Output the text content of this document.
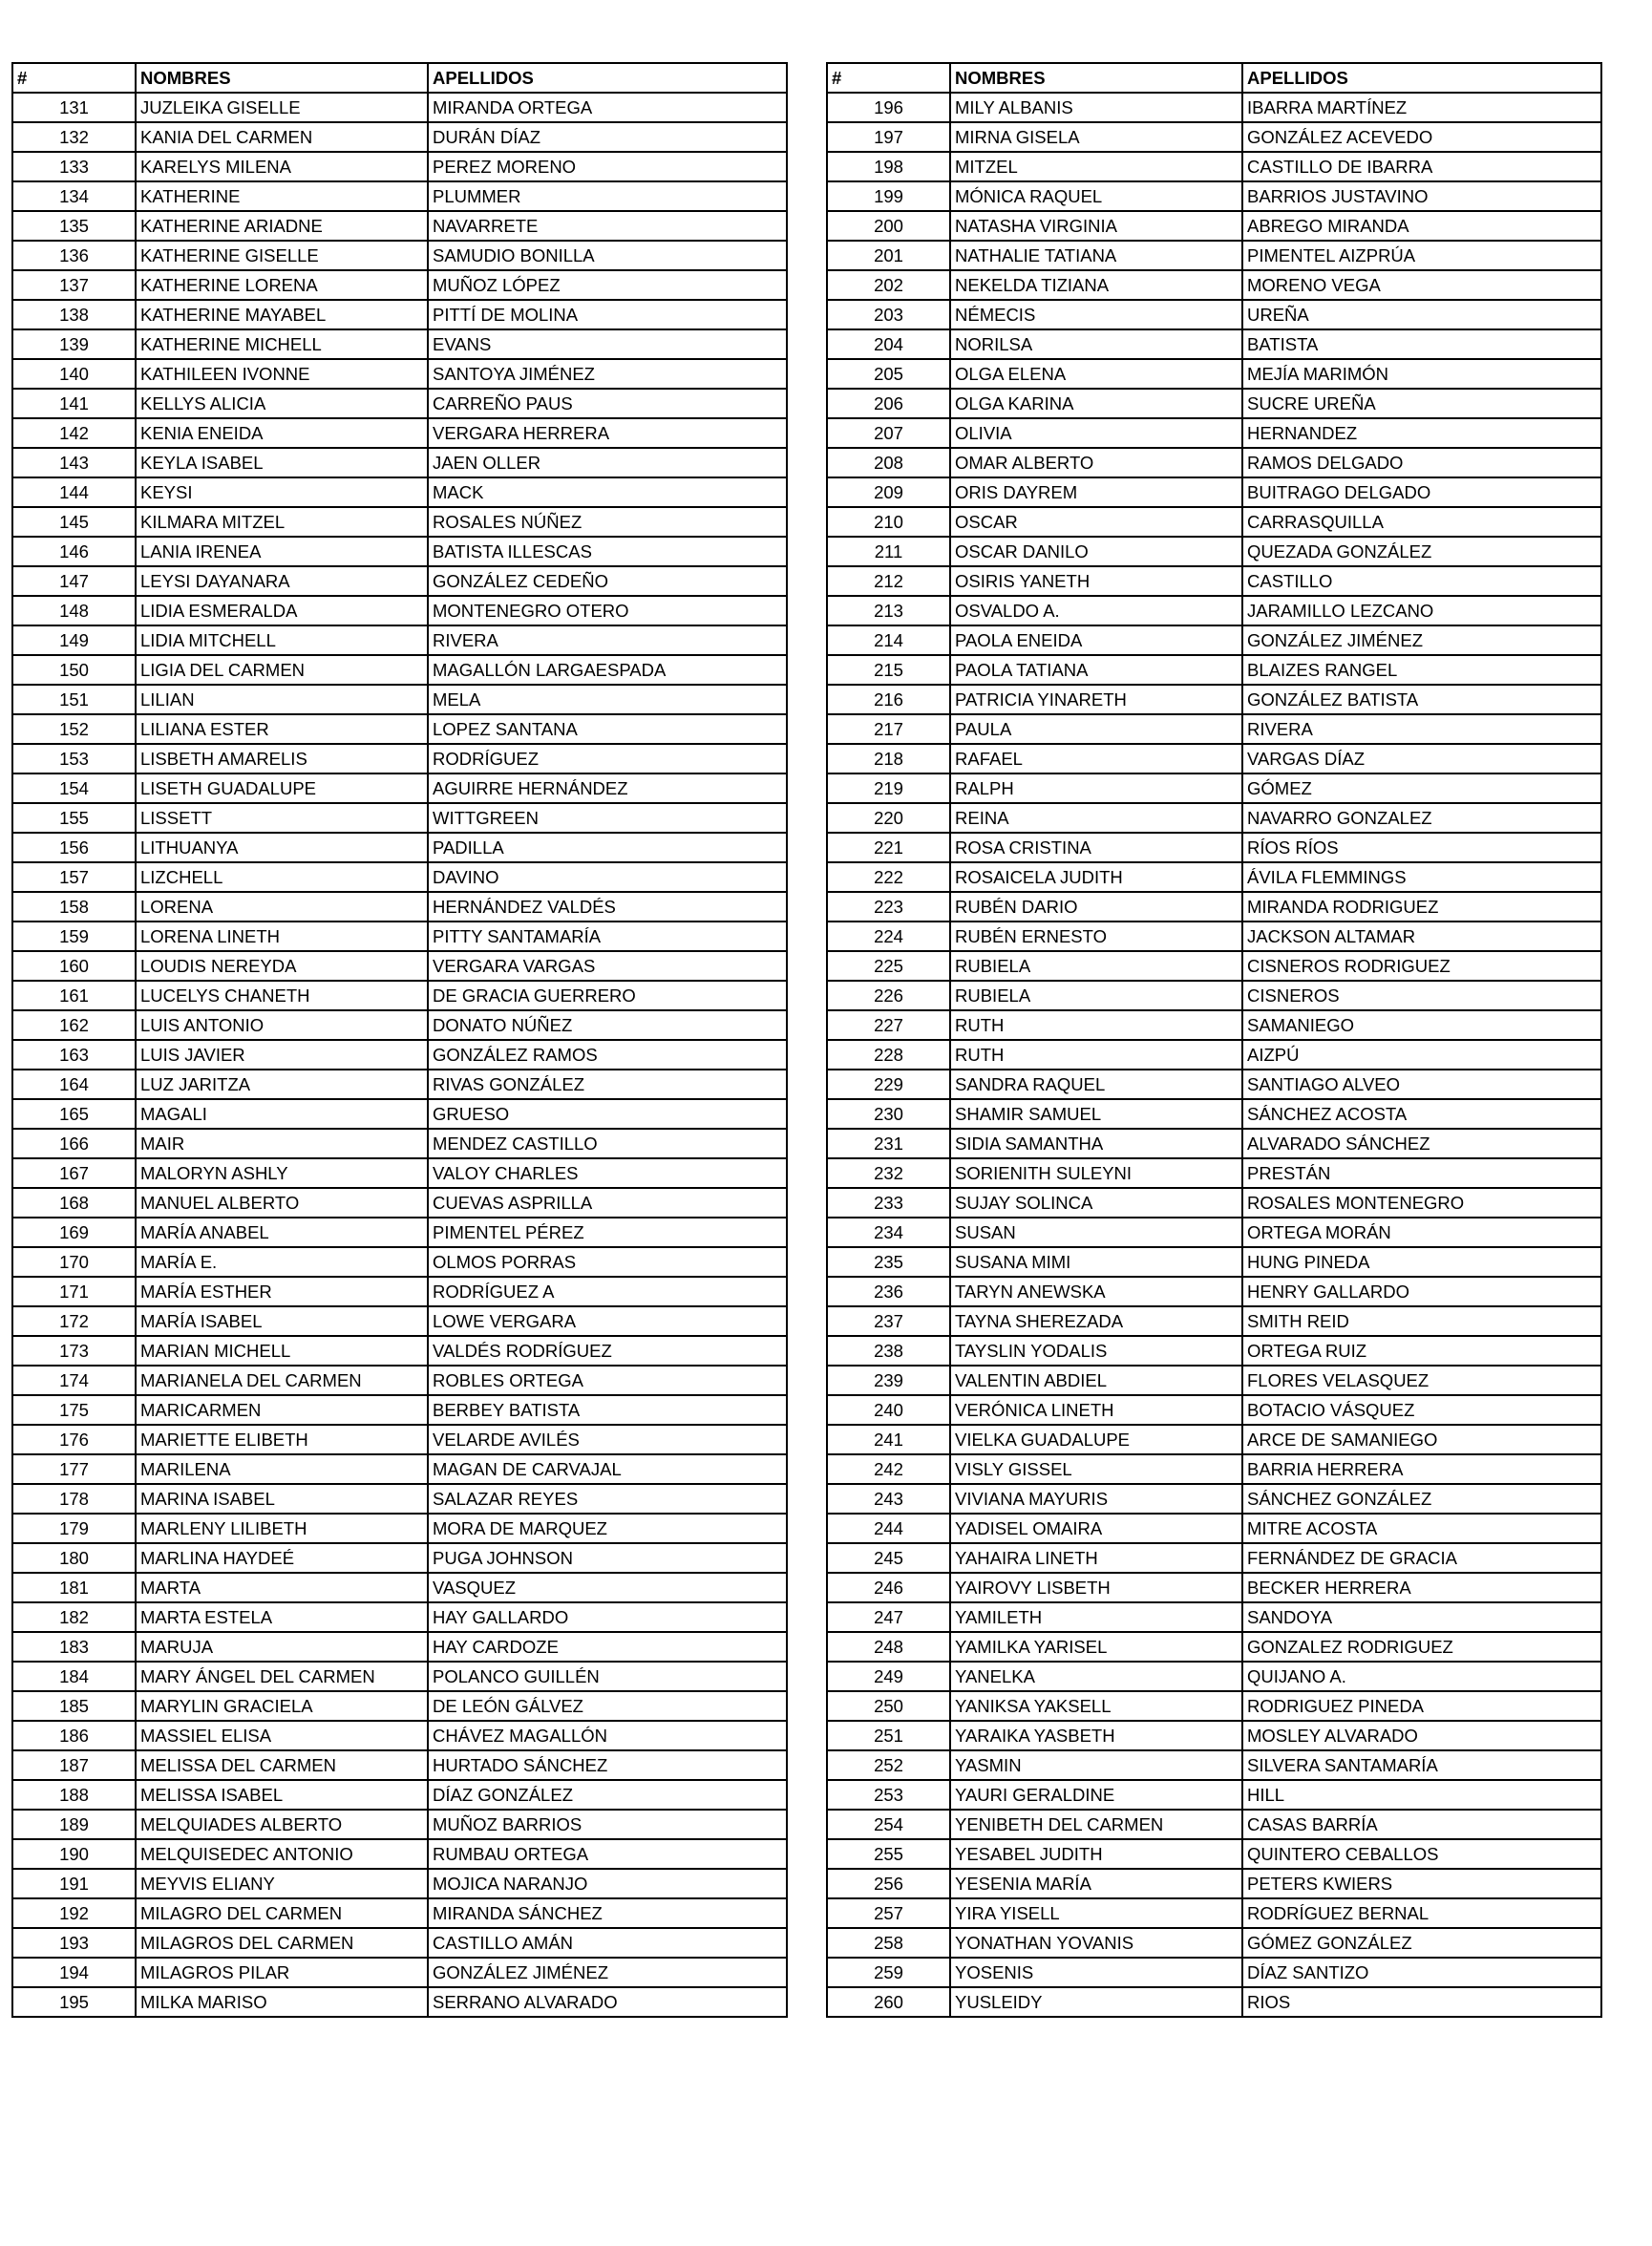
#	NOMBRES	APELLIDOS
131	JUZLEIKA GISELLE	MIRANDA ORTEGA
132	KANIA DEL CARMEN	DURÁN DÍAZ
133	KARELYS MILENA	PEREZ MORENO
134	KATHERINE	PLUMMER
135	KATHERINE ARIADNE	NAVARRETE
136	KATHERINE GISELLE	SAMUDIO BONILLA
137	KATHERINE LORENA	MUÑOZ LÓPEZ
138	KATHERINE MAYABEL	PITTÍ DE MOLINA
139	KATHERINE MICHELL	EVANS
140	KATHILEEN IVONNE	SANTOYA JIMÉNEZ
141	KELLYS ALICIA	CARREÑO PAUS
142	KENIA ENEIDA	VERGARA HERRERA
143	KEYLA ISABEL	JAEN OLLER
144	KEYSI	MACK
145	KILMARA MITZEL	ROSALES NÚÑEZ
146	LANIA IRENEA	BATISTA ILLESCAS
147	LEYSI DAYANARA	GONZÁLEZ CEDEÑO
148	LIDIA ESMERALDA	MONTENEGRO OTERO
149	LIDIA MITCHELL	RIVERA
150	LIGIA DEL CARMEN	MAGALLÓN LARGAESPADA
151	LILIAN	MELA
152	LILIANA ESTER	LOPEZ SANTANA
153	LISBETH AMARELIS	RODRÍGUEZ
154	LISETH GUADALUPE	AGUIRRE HERNÁNDEZ
155	LISSETT	WITTGREEN
156	LITHUANYA	PADILLA
157	LIZCHELL	DAVINO
158	LORENA	HERNÁNDEZ VALDÉS
159	LORENA LINETH	PITTY SANTAMARÍA
160	LOUDIS NEREYDA	VERGARA VARGAS
161	LUCELYS CHANETH	DE GRACIA GUERRERO
162	LUIS ANTONIO	DONATO NÚÑEZ
163	LUIS JAVIER	GONZÁLEZ RAMOS
164	LUZ JARITZA	RIVAS GONZÁLEZ
165	MAGALI	GRUESO
166	MAIR	MENDEZ CASTILLO
167	MALORYN ASHLY	VALOY CHARLES
168	MANUEL ALBERTO	CUEVAS ASPRILLA
169	MARÍA ANABEL	PIMENTEL PÉREZ
170	MARÍA E.	OLMOS PORRAS
171	MARÍA ESTHER	RODRÍGUEZ A
172	MARÍA ISABEL	LOWE VERGARA
173	MARIAN MICHELL	VALDÉS RODRÍGUEZ
174	MARIANELA DEL CARMEN	ROBLES ORTEGA
175	MARICARMEN	BERBEY BATISTA
176	MARIETTE ELIBETH	VELARDE AVILÉS
177	MARILENA	MAGAN DE CARVAJAL
178	MARINA ISABEL	SALAZAR REYES
179	MARLENY LILIBETH	MORA DE MARQUEZ
180	MARLINA HAYDEÉ	PUGA JOHNSON
181	MARTA	VASQUEZ
182	MARTA ESTELA	HAY GALLARDO
183	MARUJA	HAY CARDOZE
184	MARY ÁNGEL DEL CARMEN	POLANCO GUILLÉN
185	MARYLIN GRACIELA	DE LEÓN GÁLVEZ
186	MASSIEL ELISA	CHÁVEZ MAGALLÓN
187	MELISSA DEL CARMEN	HURTADO SÁNCHEZ
188	MELISSA ISABEL	DÍAZ GONZÁLEZ
189	MELQUIADES ALBERTO	MUÑOZ BARRIOS
190	MELQUISEDEC ANTONIO	RUMBAU ORTEGA
191	MEYVIS ELIANY	MOJICA NARANJO
192	MILAGRO DEL CARMEN	MIRANDA SÁNCHEZ
193	MILAGROS DEL CARMEN	CASTILLO AMÁN
194	MILAGROS PILAR	GONZÁLEZ JIMÉNEZ
195	MILKA MARISO	SERRANO ALVARADO
#	NOMBRES	APELLIDOS
196	MILY ALBANIS	IBARRA MARTÍNEZ
197	MIRNA GISELA	GONZÁLEZ ACEVEDO
198	MITZEL	CASTILLO DE IBARRA
199	MÓNICA RAQUEL	BARRIOS JUSTAVINO
200	NATASHA VIRGINIA	ABREGO MIRANDA
201	NATHALIE TATIANA	PIMENTEL AIZPRÚA
202	NEKELDA TIZIANA	MORENO VEGA
203	NÉMECIS	UREÑA
204	NORILSA	BATISTA
205	OLGA ELENA	MEJÍA MARIMÓN
206	OLGA KARINA	SUCRE UREÑA
207	OLIVIA	HERNANDEZ
208	OMAR ALBERTO	RAMOS DELGADO
209	ORIS DAYREM	BUITRAGO DELGADO
210	OSCAR	CARRASQUILLA
211	OSCAR DANILO	QUEZADA GONZÁLEZ
212	OSIRIS YANETH	CASTILLO
213	OSVALDO A.	JARAMILLO LEZCANO
214	PAOLA ENEIDA	GONZÁLEZ JIMÉNEZ
215	PAOLA TATIANA	BLAIZES RANGEL
216	PATRICIA YINARETH	GONZÁLEZ BATISTA
217	PAULA	RIVERA
218	RAFAEL	VARGAS DÍAZ
219	RALPH	GÓMEZ
220	REINA	NAVARRO GONZALEZ
221	ROSA CRISTINA	RÍOS RÍOS
222	ROSAICELA JUDITH	ÁVILA FLEMMINGS
223	RUBÉN DARIO	MIRANDA RODRIGUEZ
224	RUBÉN ERNESTO	JACKSON ALTAMAR
225	RUBIELA	CISNEROS RODRIGUEZ
226	RUBIELA	CISNEROS
227	RUTH	SAMANIEGO
228	RUTH	AIZPÚ
229	SANDRA RAQUEL	SANTIAGO ALVEO
230	SHAMIR SAMUEL	SÁNCHEZ ACOSTA
231	SIDIA SAMANTHA	ALVARADO SÁNCHEZ
232	SORIENITH SULEYNI	PRESTÁN
233	SUJAY SOLINCA	ROSALES MONTENEGRO
234	SUSAN	ORTEGA MORÁN
235	SUSANA MIMI	HUNG PINEDA
236	TARYN ANEWSKA	HENRY GALLARDO
237	TAYNA SHEREZADA	SMITH REID
238	TAYSLIN YODALIS	ORTEGA RUIZ
239	VALENTIN ABDIEL	FLORES VELASQUEZ
240	VERÓNICA LINETH	BOTACIO VÁSQUEZ
241	VIELKA GUADALUPE	ARCE DE SAMANIEGO
242	VISLY GISSEL	BARRIA HERRERA
243	VIVIANA MAYURIS	SÁNCHEZ GONZÁLEZ
244	YADISEL OMAIRA	MITRE ACOSTA
245	YAHAIRA LINETH	FERNÁNDEZ DE GRACIA
246	YAIROVY LISBETH	BECKER HERRERA
247	YAMILETH	SANDOYA
248	YAMILKA YARISEL	GONZALEZ RODRIGUEZ
249	YANELKA	QUIJANO A.
250	YANIKSA YAKSELL	RODRIGUEZ PINEDA
251	YARAIKA YASBETH	MOSLEY ALVARADO
252	YASMIN	SILVERA SANTAMARÍA
253	YAURI GERALDINE	HILL
254	YENIBETH DEL CARMEN	CASAS BARRÍA
255	YESABEL JUDITH	QUINTERO CEBALLOS
256	YESENIA MARÍA	PETERS KWIERS
257	YIRA YISELL	RODRÍGUEZ BERNAL
258	YONATHAN YOVANIS	GÓMEZ GONZÁLEZ
259	YOSENIS	DÍAZ SANTIZO
260	YUSLEIDY	RIOS
